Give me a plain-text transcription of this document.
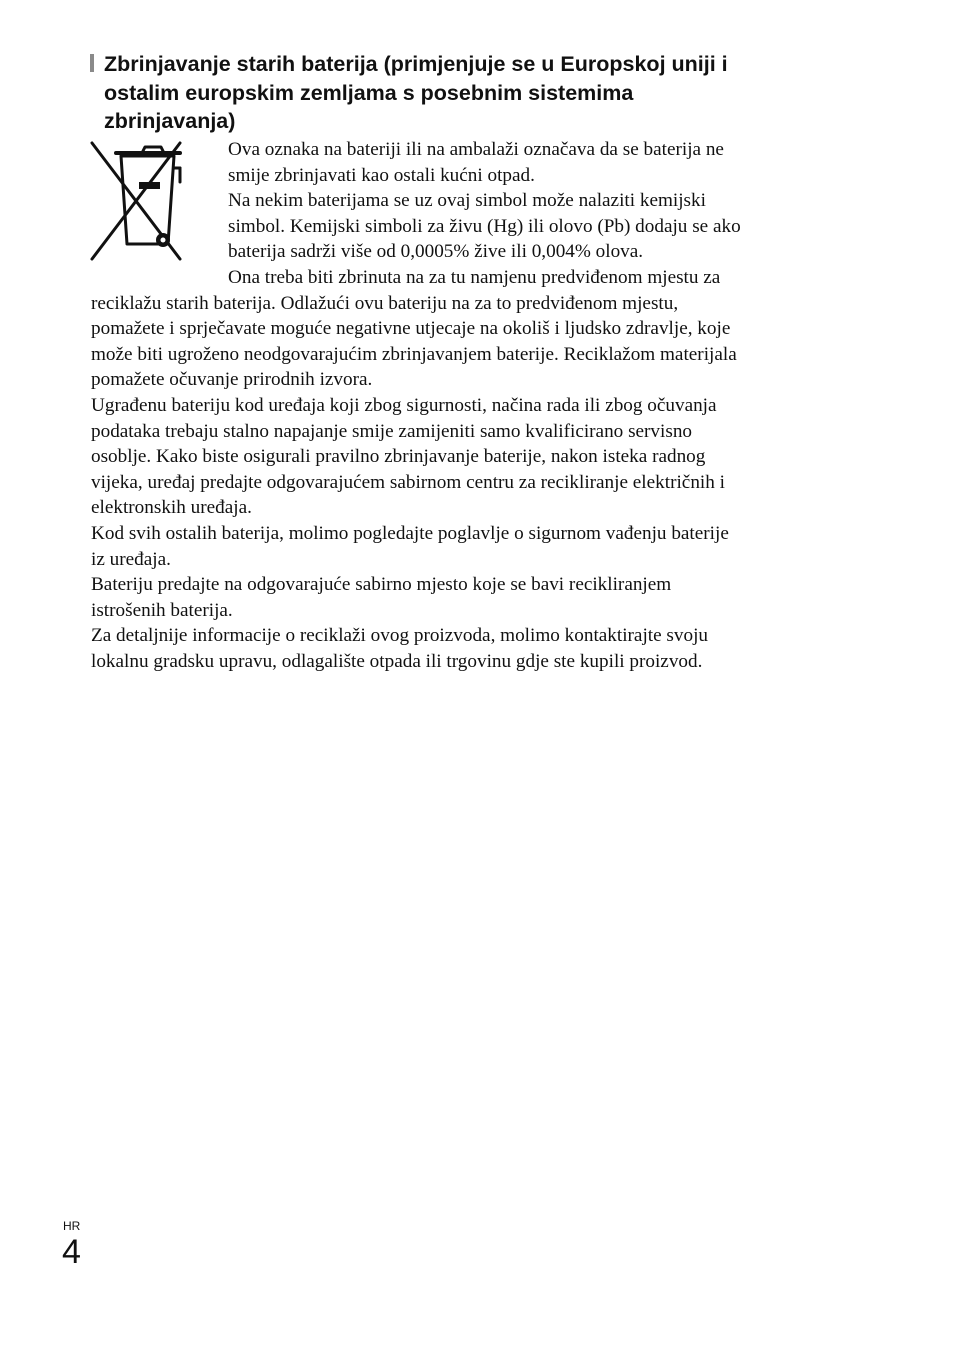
Zbrinjavanje starih baterija (primjenjuje se u Europskoj uniji i
ostalim europskim zemljama s posebnim sistemima
zbrinjavanja)
Ova oznaka na bateriji ili na ambalaži označava da se baterija ne
smije zbrinjavati kao ostali kućni otpad.
Na nekim baterijama se uz ovaj simbol može nalaziti kemijski
simbol. Kemijski simboli za živu (Hg) ili olovo (Pb) dodaju se ako
baterija sadrži više od 0,0005% žive ili 0,004% olova.
Ona treba biti zbrinuta na za tu namjenu predviđenom mjestu za
reciklažu starih baterija. Odlažući ovu bateriju na za to predviđenom mjestu,
pomažete i sprječavate moguće negativne utjecaje na okoliš i ljudsko zdravlje, koje
može biti ugroženo neodgovarajućim zbrinjavanjem baterije. Reciklažom materijala
pomažete očuvanje prirodnih izvora.
Ugrađenu bateriju kod uređaja koji zbog sigurnosti, načina rada ili zbog očuvanja
podataka trebaju stalno napajanje smije zamijeniti samo kvalificirano servisno
osoblje. Kako biste osigurali pravilno zbrinjavanje baterije, nakon isteka radnog
vijeka, uređaj predajte odgovarajućem sabirnom centru za recikliranje električnih i
elektronskih uređaja.
Kod svih ostalih baterija, molimo pogledajte poglavlje o sigurnom vađenju baterije
iz uređaja.
Bateriju predajte na odgovarajuće sabirno mjesto koje se bavi recikliranjem
istrošenih baterija.
Za detaljnije informacije o reciklaži ovog proizvoda, molimo kontaktirajte svoju
lokalnu gradsku upravu, odlagalište otpada ili trgovinu gdje ste kupili proizvod.
HR
4
